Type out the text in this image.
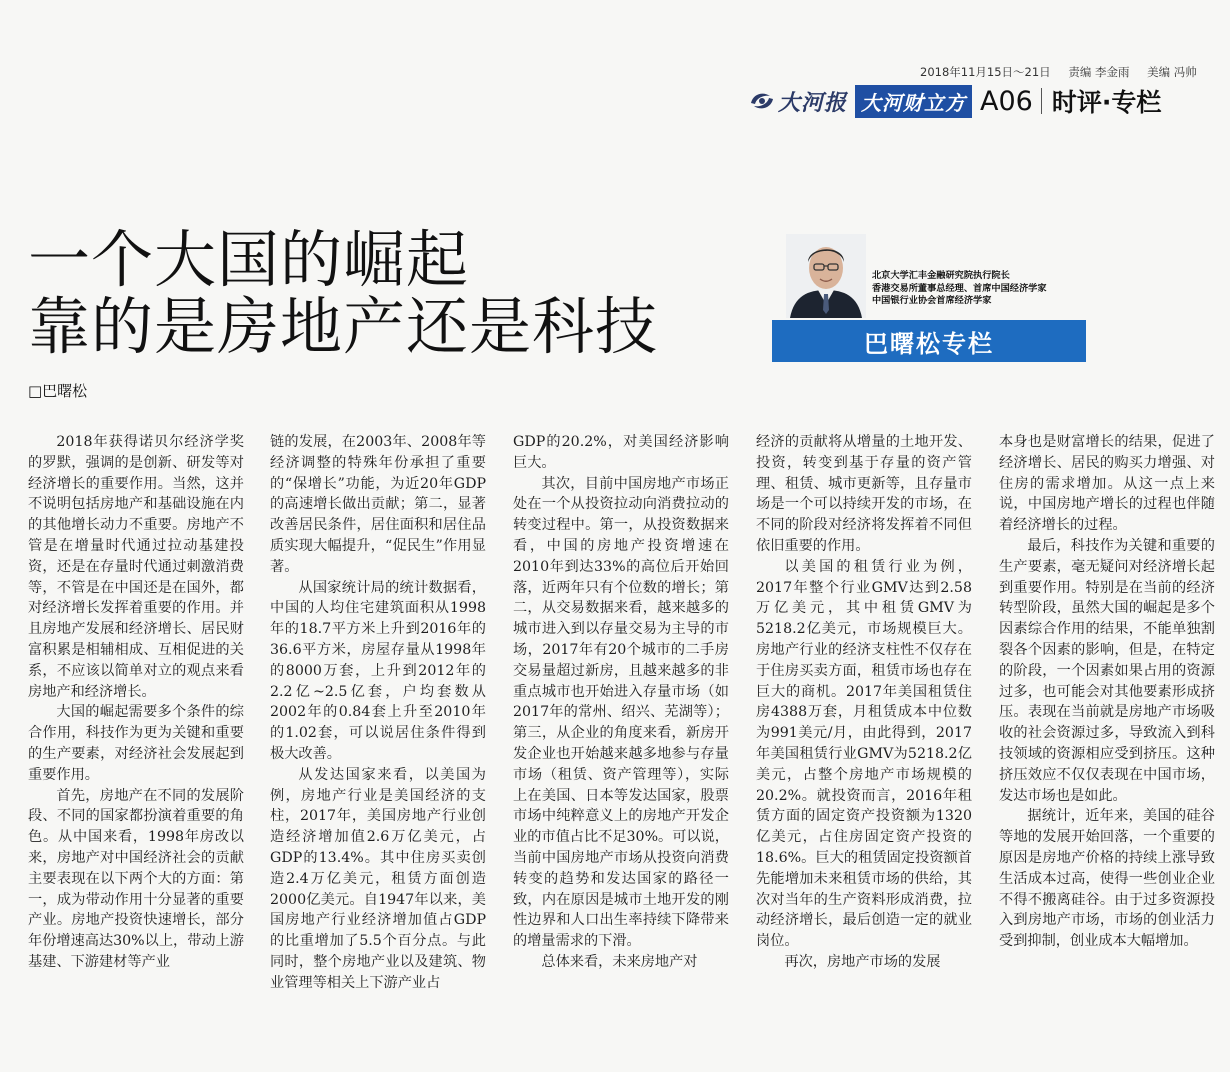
2018年11月15日～21日 责编 李金雨 美编 冯帅
大河报 大河财立方 A06 时评·专栏
一个大国的崛起
靠的是房地产还是科技
北京大学汇丰金融研究院执行院长
香港交易所董事总经理、首席中国经济学家
中国银行业协会首席经济学家
巴曙松专栏
□巴曙松

2018年获得诺贝尔经济学奖的罗默，强调的是创新、研发等对经济增长的重要作用。当然，这并不说明包括房地产和基础设施在内的其他增长动力不重要。房地产不管是在增量时代通过拉动基建投资，还是在存量时代通过刺激消费等，不管是在中国还是在国外，都对经济增长发挥着重要的作用。并且房地产发展和经济增长、居民财富积累是相辅相成、互相促进的关系，不应该以简单对立的观点来看房地产和经济增长。

大国的崛起需要多个条件的综合作用，科技作为更为关键和重要的生产要素，对经济社会发展起到重要作用。

首先，房地产在不同的发展阶段、不同的国家都扮演着重要的角色。从中国来看，1998年房改以来，房地产对中国经济社会的贡献主要表现在以下两个大的方面：第一，成为带动作用十分显著的重要产业。房地产投资快速增长，部分年份增速高达30%以上，带动上游基建、下游建材等产业

链的发展，在2003年、2008年等经济调整的特殊年份承担了重要的“保增长”功能，为近20年GDP的高速增长做出贡献；第二，显著改善居民条件，居住面积和居住品质实现大幅提升，“促民生”作用显著。

从国家统计局的统计数据看，中国的人均住宅建筑面积从1998年的18.7平方米上升到2016年的36.6平方米，房屋存量从1998年的8000万套，上升到2012年的2.2亿~2.5亿套，户均套数从2002年的0.84套上升至2010年的1.02套，可以说居住条件得到极大改善。

从发达国家来看，以美国为例，房地产行业是美国经济的支柱，2017年，美国房地产行业创造经济增加值2.6万亿美元，占GDP的13.4%。其中住房买卖创造2.4万亿美元，租赁方面创造2000亿美元。自1947年以来，美国房地产行业经济增加值占GDP的比重增加了5.5个百分点。与此同时，整个房地产业以及建筑、物业管理等相关上下游产业占

GDP的20.2%，对美国经济影响巨大。

其次，目前中国房地产市场正处在一个从投资拉动向消费拉动的转变过程中。第一，从投资数据来看，中国的房地产投资增速在2010年到达33%的高位后开始回落，近两年只有个位数的增长；第二，从交易数据来看，越来越多的城市进入到以存量交易为主导的市场，2017年有20个城市的二手房交易量超过新房，且越来越多的非重点城市也开始进入存量市场（如2017年的常州、绍兴、芜湖等）；第三，从企业的角度来看，新房开发企业也开始越来越多地参与存量市场（租赁、资产管理等），实际上在美国、日本等发达国家，股票市场中纯粹意义上的房地产开发企业的市值占比不足30%。可以说，当前中国房地产市场从投资向消费转变的趋势和发达国家的路径一致，内在原因是城市土地开发的刚性边界和人口出生率持续下降带来的增量需求的下滑。

总体来看，未来房地产对

经济的贡献将从增量的土地开发、投资，转变到基于存量的资产管理、租赁、城市更新等，且存量市场是一个可以持续开发的市场，在不同的阶段对经济将发挥着不同但依旧重要的作用。

以美国的租赁行业为例，2017年整个行业GMV达到2.58万亿美元，其中租赁GMV为5218.2亿美元，市场规模巨大。房地产行业的经济支柱性不仅存在于住房买卖方面，租赁市场也存在巨大的商机。2017年美国租赁住房4388万套，月租赁成本中位数为991美元/月，由此得到，2017年美国租赁行业GMV为5218.2亿美元，占整个房地产市场规模的20.2%。就投资而言，2016年租赁方面的固定资产投资额为1320亿美元，占住房固定资产投资的18.6%。巨大的租赁固定投资额首先能增加未来租赁市场的供给，其次对当年的生产资料形成消费，拉动经济增长，最后创造一定的就业岗位。

再次，房地产市场的发展

本身也是财富增长的结果，促进了经济增长、居民的购买力增强、对住房的需求增加。从这一点上来说，中国房地产增长的过程也伴随着经济增长的过程。

最后，科技作为关键和重要的生产要素，毫无疑问对经济增长起到重要作用。特别是在当前的经济转型阶段，虽然大国的崛起是多个因素综合作用的结果，不能单独割裂各个因素的影响，但是，在特定的阶段，一个因素如果占用的资源过多，也可能会对其他要素形成挤压。表现在当前就是房地产市场吸收的社会资源过多，导致流入到科技领域的资源相应受到挤压。这种挤压效应不仅仅表现在中国市场，发达市场也是如此。

据统计，近年来，美国的硅谷等地的发展开始回落，一个重要的原因是房地产价格的持续上涨导致生活成本过高，使得一些创业企业不得不搬离硅谷。由于过多资源投入到房地产市场，市场的创业活力受到抑制，创业成本大幅增加。
